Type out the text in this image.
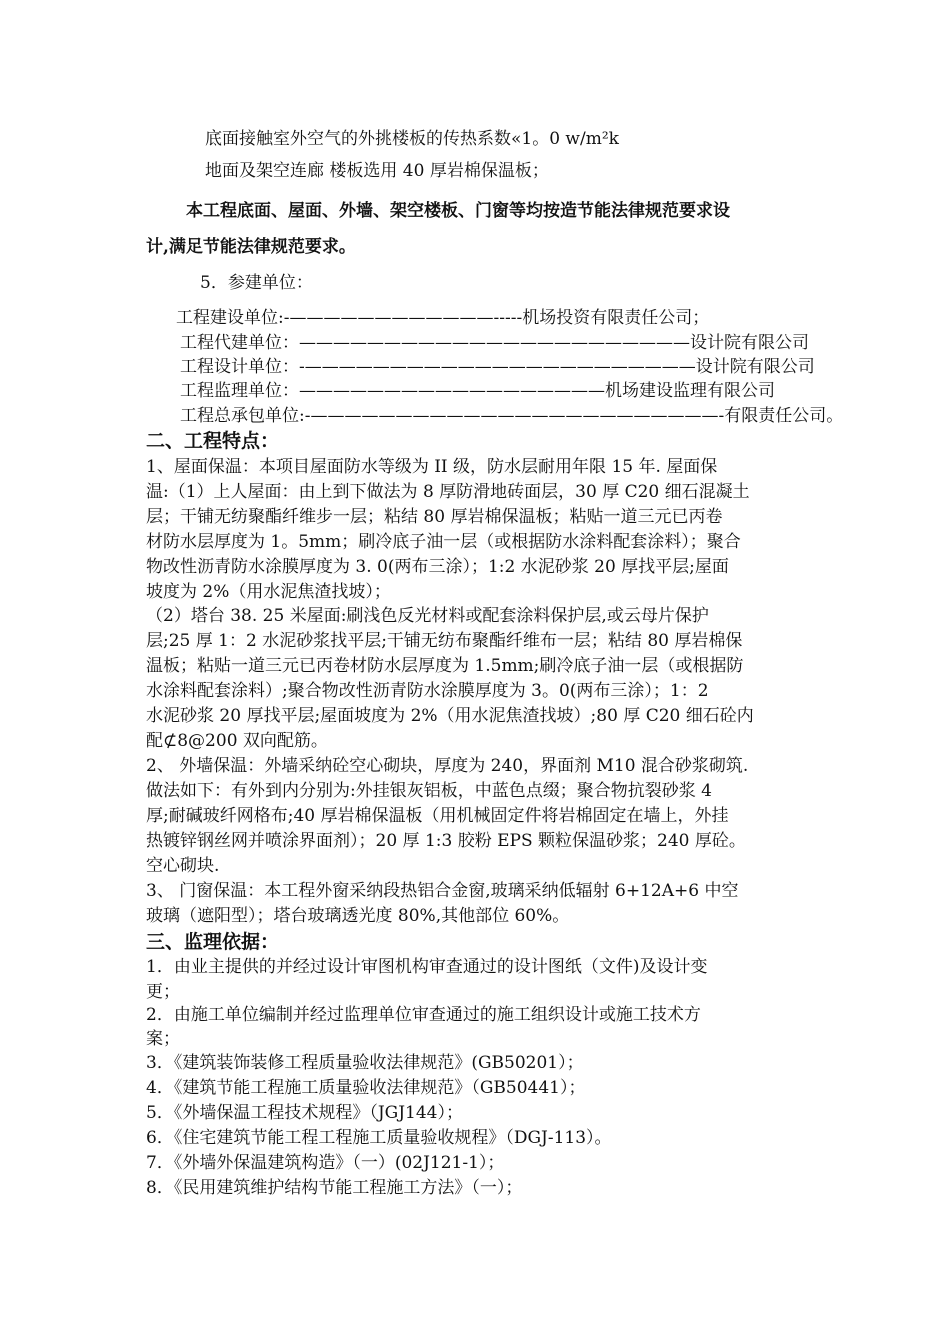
底面接触室外空气的外挑楼板的传热系数«1。0 w/m²k
地面及架空连廊 楼板选用 40 厚岩棉保温板；
本工程底面、屋面、外墙、架空楼板、门窗等均按造节能法律规范要求设
计,满足节能法律规范要求。
5．参建单位：
工程建设单位:-————————————-----机场投资有限责任公司；
工程代建单位：———————————————————————设计院有限公司
工程设计单位：-———————————————————————设计院有限公司
工程监理单位：——————————————————机场建设监理有限公司
工程总承包单位:-————————————————————————-有限责任公司。
二、工程特点：
1、屋面保温：本项目屋面防水等级为 II 级，防水层耐用年限 15 年. 屋面保
温:（1）上人屋面：由上到下做法为 8 厚防滑地砖面层，30 厚 C20 细石混凝土
层；干铺无纺聚酯纤维步一层；粘结 80 厚岩棉保温板；粘贴一道三元已丙卷
材防水层厚度为 1。5mm；刷冷底子油一层（或根据防水涂料配套涂料）；聚合
物改性沥青防水涂膜厚度为 3. 0(两布三涂）；1:2 水泥砂浆 20 厚找平层;屋面
坡度为 2%（用水泥焦渣找坡）；
（2）塔台 38. 25 米屋面:刷浅色反光材料或配套涂料保护层,或云母片保护
层;25 厚 1：2 水泥砂浆找平层;干铺无纺布聚酯纤维布一层；粘结 80 厚岩棉保
温板；粘贴一道三元已丙卷材防水层厚度为 1.5mm;刷冷底子油一层（或根据防
水涂料配套涂料）;聚合物改性沥青防水涂膜厚度为 3。0(两布三涂）；1：2
水泥砂浆 20 厚找平层;屋面坡度为 2%（用水泥焦渣找坡）;80 厚 C20 细石砼内
配⊄8@200 双向配筋。
2、 外墙保温：外墙采纳砼空心砌块，厚度为 240，界面剂 M10 混合砂浆砌筑.
做法如下：有外到内分别为:外挂银灰铝板，中蓝色点缀；聚合物抗裂砂浆 4
厚;耐碱玻纤网格布;40 厚岩棉保温板（用机械固定件将岩棉固定在墙上，外挂
热镀锌钢丝网并喷涂界面剂）；20 厚 1:3 胶粉 EPS 颗粒保温砂浆；240 厚砼。
空心砌块.
3、 门窗保温：本工程外窗采纳段热铝合金窗,玻璃采纳低辐射 6+12A+6 中空
玻璃（遮阳型）；塔台玻璃透光度 80%,其他部位 60%。
三、监理依据：
1．由业主提供的并经过设计审图机构审查通过的设计图纸（文件)及设计变
更；
2．由施工单位编制并经过监理单位审查通过的施工组织设计或施工技术方
案；
3．《建筑装饰装修工程质量验收法律规范》(GB50201）；
4．《建筑节能工程施工质量验收法律规范》（GB50441）；
5．《外墙保温工程技术规程》（JGJ144）；
6．《住宅建筑节能工程工程施工质量验收规程》（DGJ-113）。
7．《外墙外保温建筑构造》（一）(02J121-1）；
8．《民用建筑维护结构节能工程施工方法》（一）；
